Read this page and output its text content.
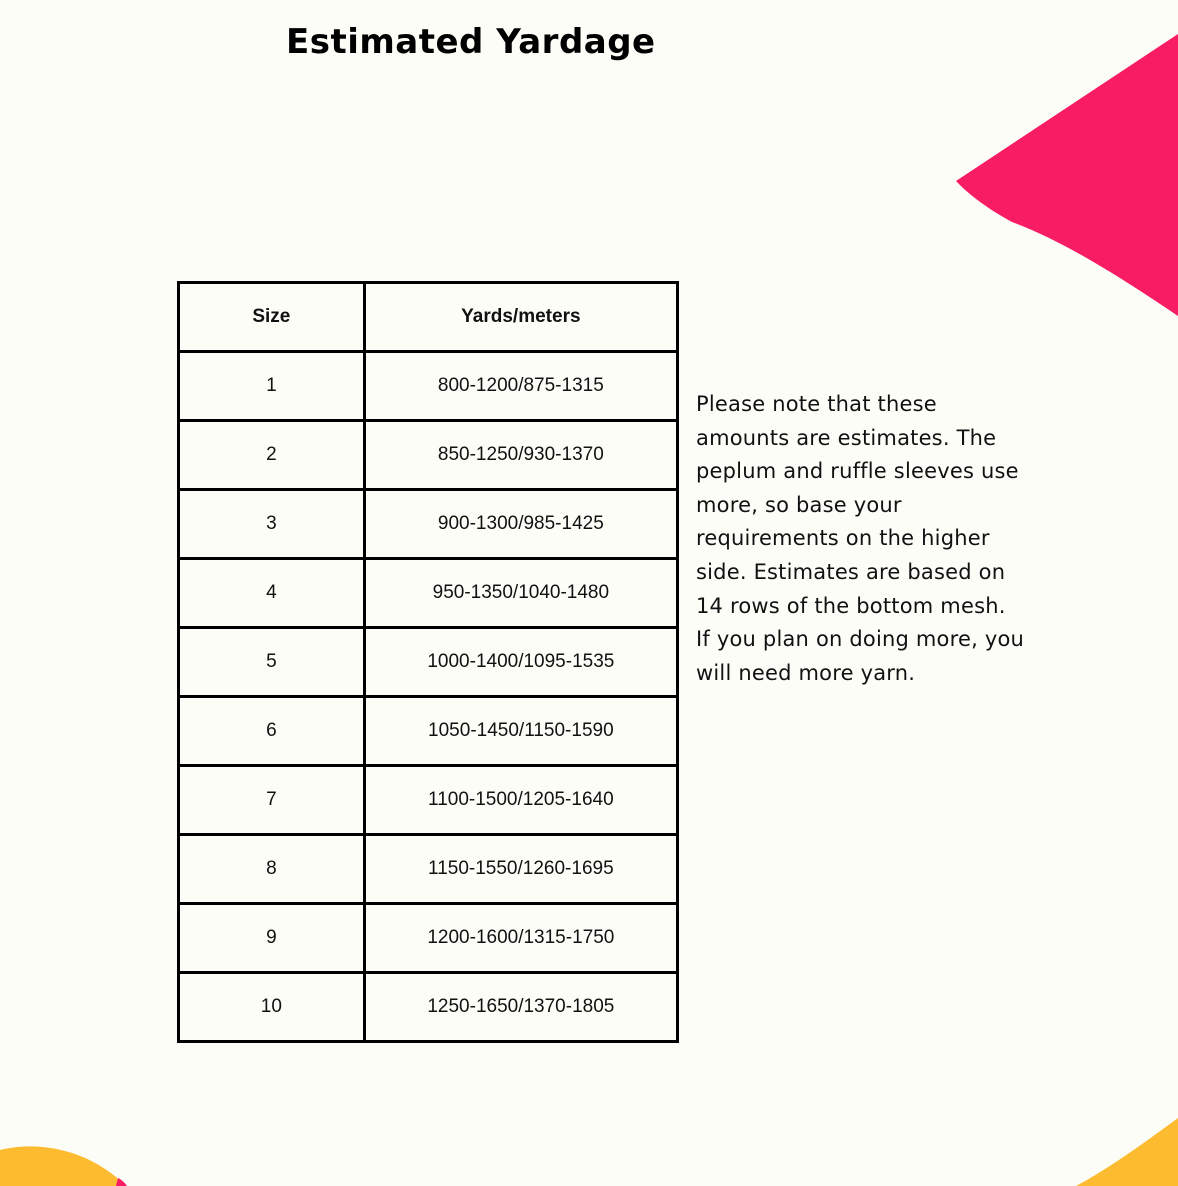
Estimated Yardage
Size	Yards/meters
1	800-1200/875-1315
2	850-1250/930-1370
3	900-1300/985-1425
4	950-1350/1040-1480
5	1000-1400/1095-1535
6	1050-1450/1150-1590
7	1100-1500/1205-1640
8	1150-1550/1260-1695
9	1200-1600/1315-1750
10	1250-1650/1370-1805

Please note that these amounts are estimates. The peplum and ruffle sleeves use more, so base your requirements on the higher side. Estimates are based on 14 rows of the bottom mesh. If you plan on doing more, you will need more yarn.
